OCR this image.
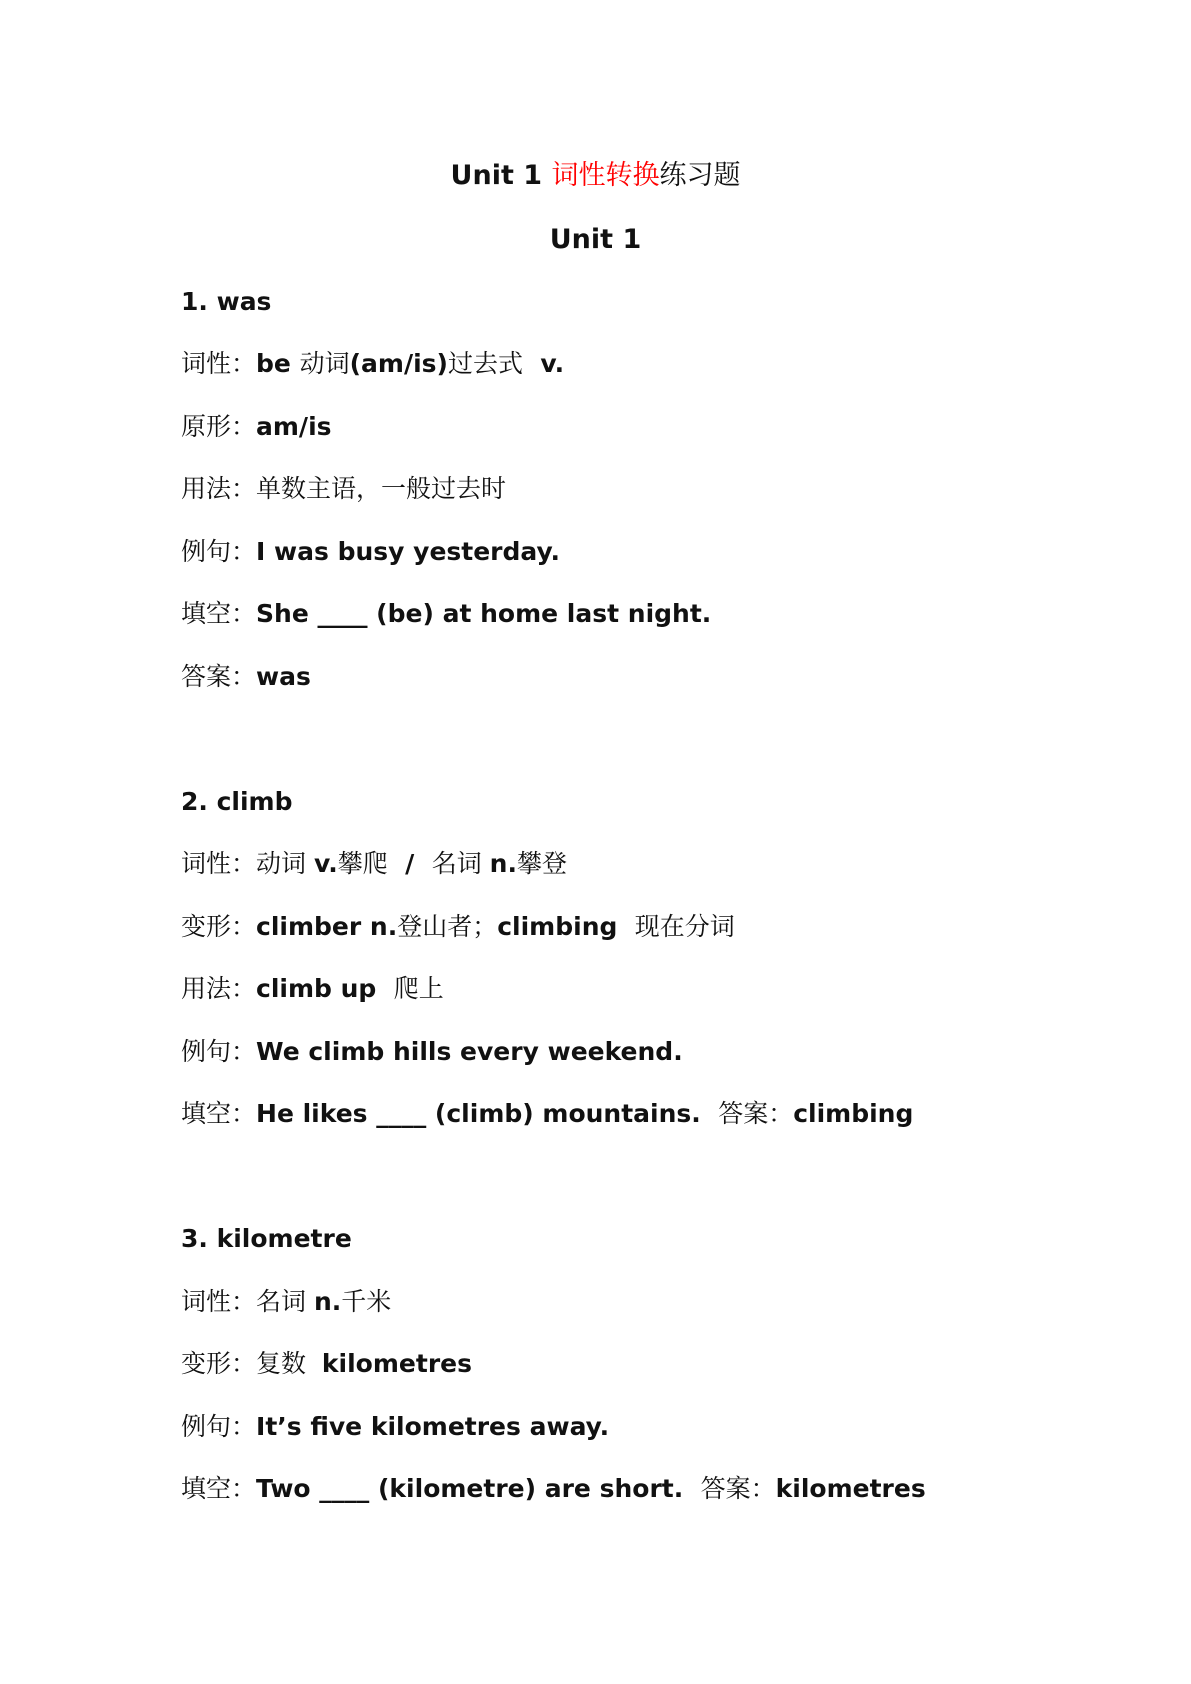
Unit 1 词性转换练习题
Unit 1
1. was
词性：be 动词(am/is)过去式  v.
原形：am/is
用法：单数主语，一般过去时
例句：I was busy yesterday.
填空：She ____ (be) at home last night.
答案：was
2. climb
词性：动词 v.攀爬  /  名词 n.攀登
变形：climber n.登山者；climbing  现在分词
用法：climb up  爬上
例句：We climb hills every weekend.
填空：He likes ____ (climb) mountains.  答案：climbing
3. kilometre
词性：名词 n.千米
变形：复数  kilometres
例句：It’s five kilometres away.
填空：Two ____ (kilometre) are short.  答案：kilometres
